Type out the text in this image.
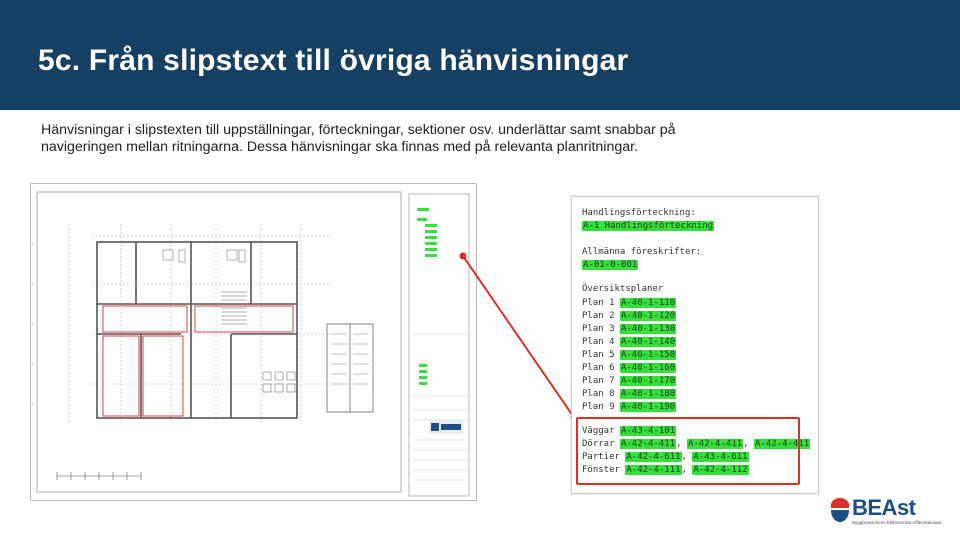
5c. Från slipstext till övriga hänvisningar
Hänvisningar i slipstexten till uppställningar, förteckningar, sektioner osv. underlättar samt snabbar på
navigeringen mellan ritningarna. Dessa hänvisningar ska finnas med på relevanta planritningar.
Handlingsförteckning:
A-1 Handlingsförteckning
Allmänna föreskrifter:
A-01-0-001
Översiktsplaner
Plan 1 A-40-1-110
Plan 2 A-40-1-120
Plan 3 A-40-1-130
Plan 4 A-40-1-140
Plan 5 A-40-1-150
Plan 6 A-40-1-160
Plan 7 A-40-1-170
Plan 8 A-40-1-180
Plan 9 A-40-1-190
Väggar A-43-4-101
Dörrar A-42-4-411, A-42-4-411, A-42-4-411
Partier A-42-4-611, A-43-4-611
Fönster A-42-4-111, A-42-4-112
BEAst
Byggbranschens Elektroniska Affärsstandard
